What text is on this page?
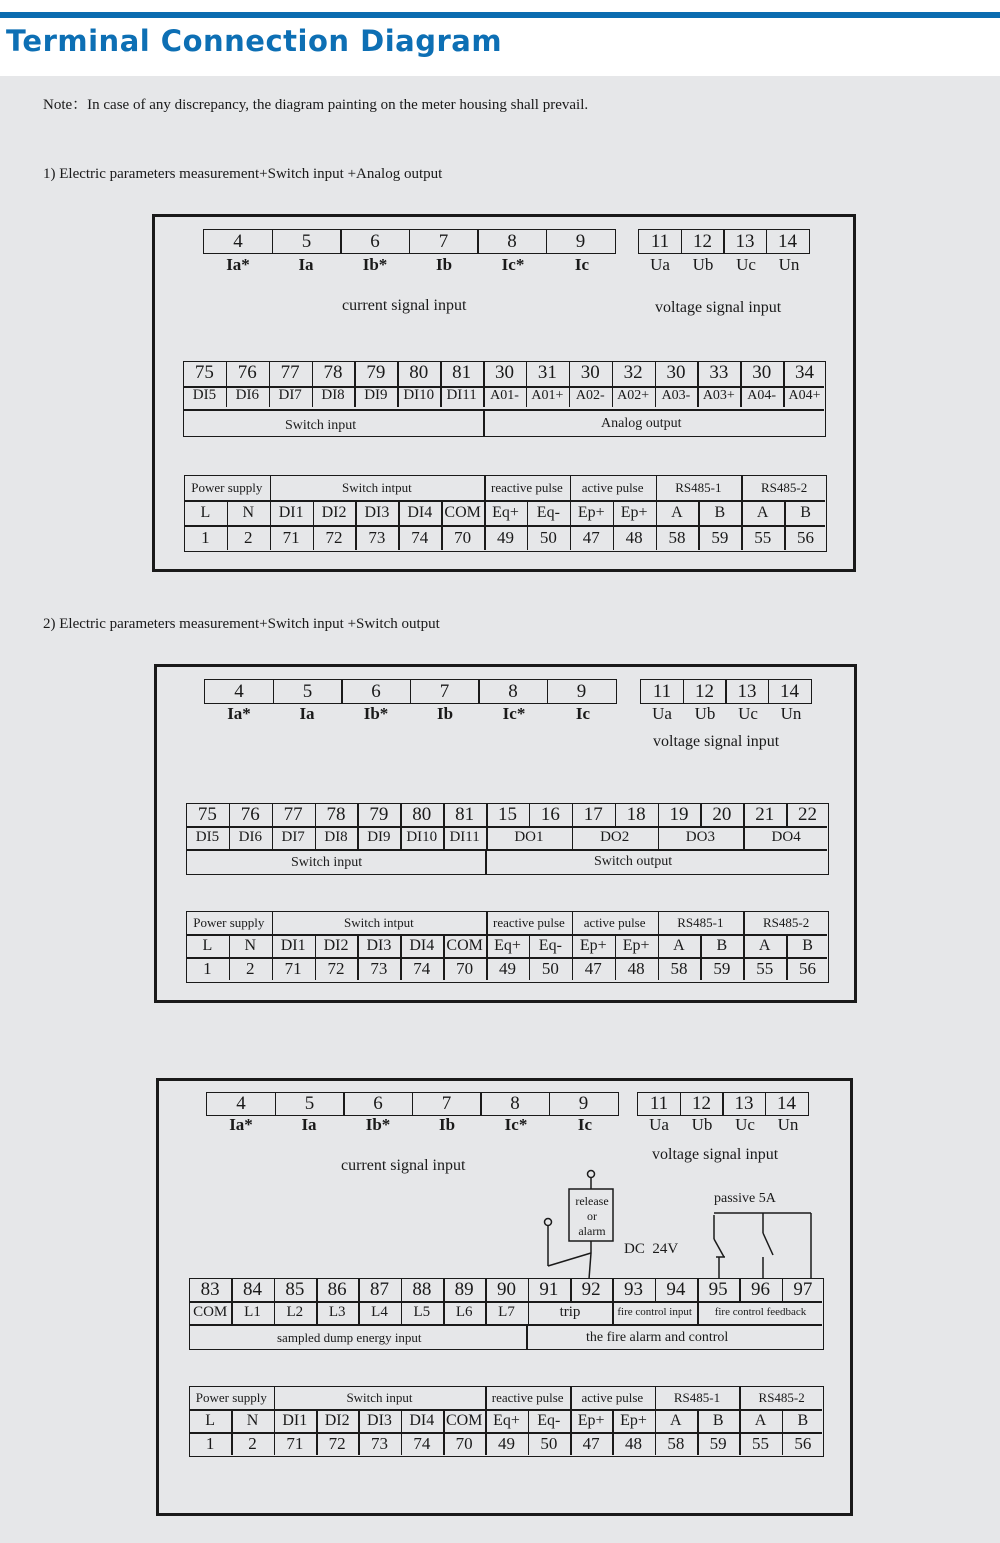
Terminal Connection Diagram
Note：In case of any discrepancy, the diagram painting on the meter housing shall prevail.
1) Electric parameters measurement+Switch input +Analog output
4	5	6	7	8	9
Ia*	Ia	Ib*	Ib	Ic*	Ic
11	12	13	14
Ua	Ub	Uc	Un
current signal input	voltage signal input
75	76	77	78	79	80	81	30	31	30	32	30	33	30	34
DI5	DI6	DI7	DI8	DI9	DI10 DI11 A01- A01+ A02- A02+ A03- A03+ A04- A04+
Switch input	Analog output
Power supply	Switch intput	reactive pulse	active pulse	RS485-1	RS485-2
L	N	DI1	DI2	DI3	DI4 COM Eq+	Eq-	Ep+	Ep+	A	B	A	B
1	2	71	72	73	74	70	49	50	47	48	58	59	55	56
2) Electric parameters measurement+Switch input +Switch output
4	5	6	7	8	9
Ia*	Ia	Ib*	Ib	Ic*	Ic
11	12	13	14
Ua	Ub	Uc	Un
voltage signal input
75	76	77	78	79	80	81	15	16	17	18	19	20	21	22
DI5	DI6	DI7	DI8	DI9	DI10 DI11	DO1	DO2	DO3	DO4
Switch input	Switch output
Power supply	Switch intput	reactive pulse	active pulse	RS485-1	RS485-2
L	N	DI1	DI2	DI3	DI4 COM Eq+	Eq-	Ep+	Ep+	A	B	A	B
1	2	71	72	73	74	70	49	50	47	48	58	59	55	56
4	5	6	7	8	9
Ia*	Ia	Ib*	Ib	Ic*	Ic
11	12	13	14
Ua	Ub	Uc	Un
current signal input
voltage signal input
release
or
alarm
DC  24V
passive 5A
83	84	85	86	87	88	89	90	91	92	93	94	95	96	97
COM	L1	L2	L3	L4	L5	L6	L7	trip	fire control input	fire control feedback
sampled dump energy input	the fire alarm and control
Power supply	Switch input	reactive pulse	active pulse	RS485-1	RS485-2
L	N	DI1	DI2	DI3	DI4 COM Eq+	Eq-	Ep+ Ep+	A	B	A	B
1	2	71	72	73	74	70	49	50	47	48	58	59	55	56
